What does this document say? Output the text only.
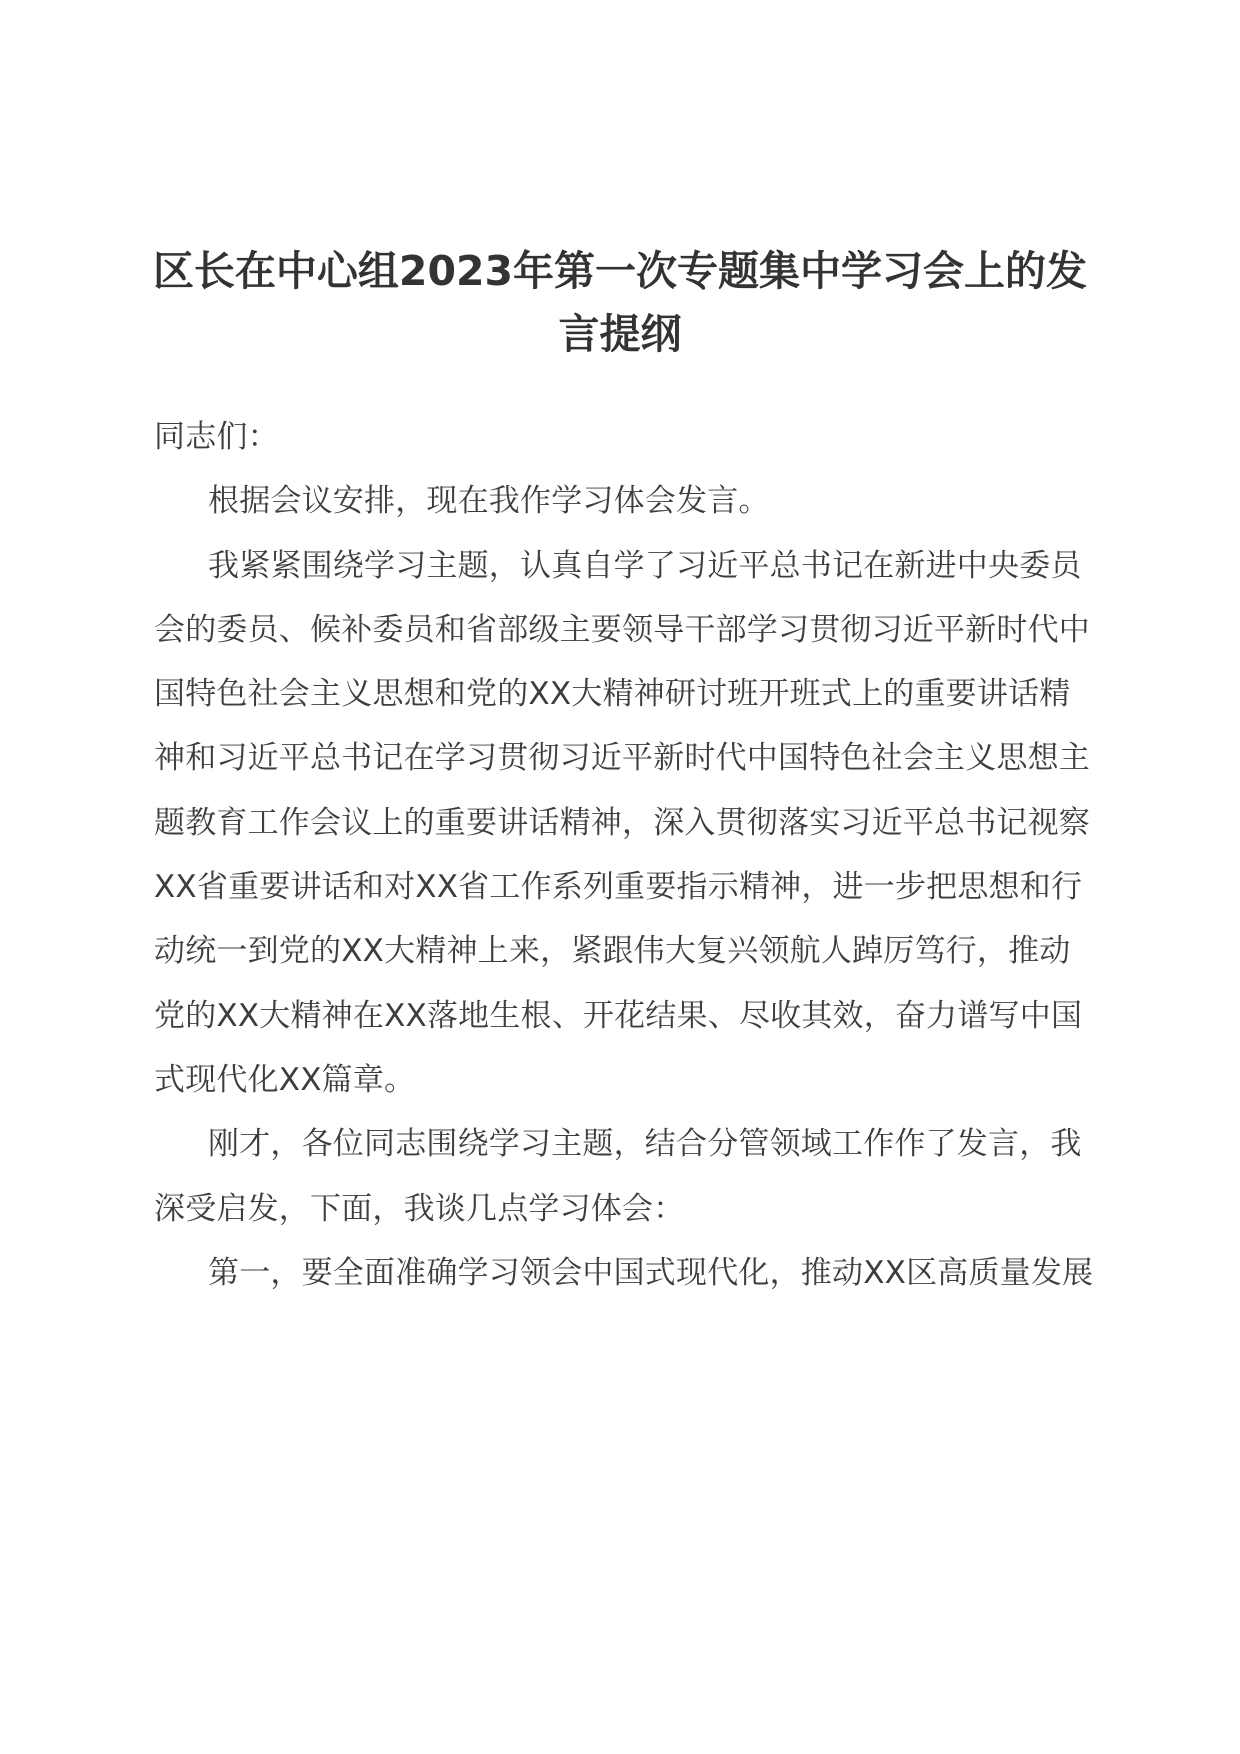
区长在中心组2023年第一次专题集中学习会上的发言提纲

同志们：

根据会议安排，现在我作学习体会发言。

我紧紧围绕学习主题，认真自学了习近平总书记在新进中央委员会的委员、候补委员和省部级主要领导干部学习贯彻习近平新时代中国特色社会主义思想和党的XX大精神研讨班开班式上的重要讲话精神和习近平总书记在学习贯彻习近平新时代中国特色社会主义思想主题教育工作会议上的重要讲话精神，深入贯彻落实习近平总书记视察XX省重要讲话和对XX省工作系列重要指示精神，进一步把思想和行动统一到党的XX大精神上来，紧跟伟大复兴领航人踔厉笃行，推动党的XX大精神在XX落地生根、开花结果、尽收其效，奋力谱写中国式现代化XX篇章。

刚才，各位同志围绕学习主题，结合分管领域工作作了发言，我深受启发，下面，我谈几点学习体会：

第一，要全面准确学习领会中国式现代化，推动XX区高质量发展
